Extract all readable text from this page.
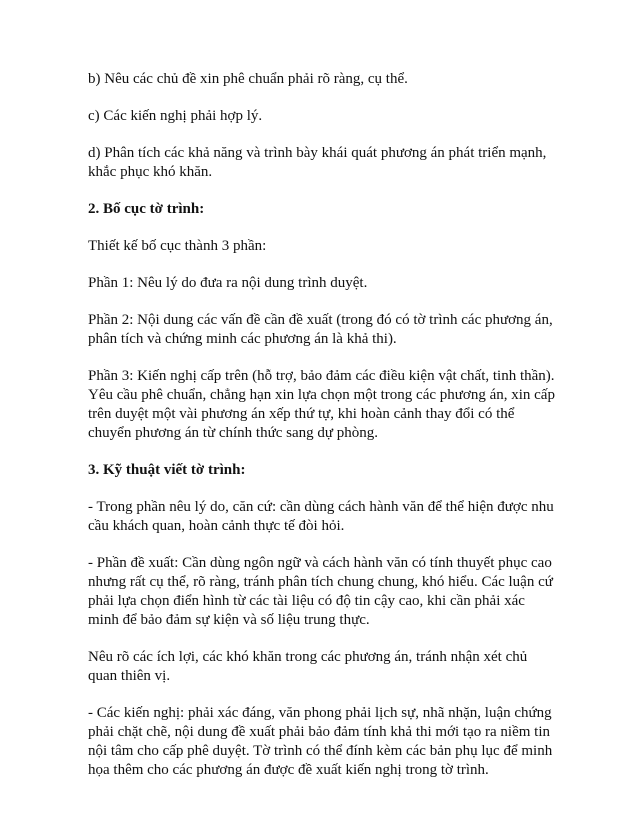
b) Nêu các chủ đề xin phê chuẩn phải rõ ràng, cụ thể.

c) Các kiến nghị phải hợp lý.

d) Phân tích các khả năng và trình bày khái quát phương án phát triển mạnh, khắc phục khó khăn.

2. Bố cục tờ trình:

Thiết kế bố cục thành 3 phần:

Phần 1: Nêu lý do đưa ra nội dung trình duyệt.

Phần 2: Nội dung các vấn đề cần đề xuất (trong đó có tờ trình các phương án, phân tích và chứng minh các phương án là khả thi).

Phần 3: Kiến nghị cấp trên (hỗ trợ, bảo đảm các điều kiện vật chất, tinh thần). Yêu cầu phê chuẩn, chẳng hạn xin lựa chọn một trong các phương án, xin cấp trên duyệt một vài phương án xếp thứ tự, khi hoàn cảnh thay đổi có thể chuyển phương án từ chính thức sang dự phòng.

3. Kỹ thuật viết tờ trình:

- Trong phần nêu lý do, căn cứ: cần dùng cách hành văn để thể hiện được nhu cầu khách quan, hoàn cảnh thực tế đòi hỏi.

- Phần đề xuất: Cần dùng ngôn ngữ và cách hành văn có tính thuyết phục cao nhưng rất cụ thể, rõ ràng, tránh phân tích chung chung, khó hiểu. Các luận cứ phải lựa chọn điển hình từ các tài liệu có độ tin cậy cao, khi cần phải xác minh để bảo đảm sự kiện và số liệu trung thực.

Nêu rõ các ích lợi, các khó khăn trong các phương án, tránh nhận xét chủ quan thiên vị.

- Các kiến nghị: phải xác đáng, văn phong phải lịch sự, nhã nhặn, luận chứng phải chặt chẽ, nội dung đề xuất phải bảo đảm tính khả thi mới tạo ra niềm tin nội tâm cho cấp phê duyệt. Tờ trình có thể đính kèm các bản phụ lục để minh họa thêm cho các phương án được đề xuất kiến nghị trong tờ trình.
